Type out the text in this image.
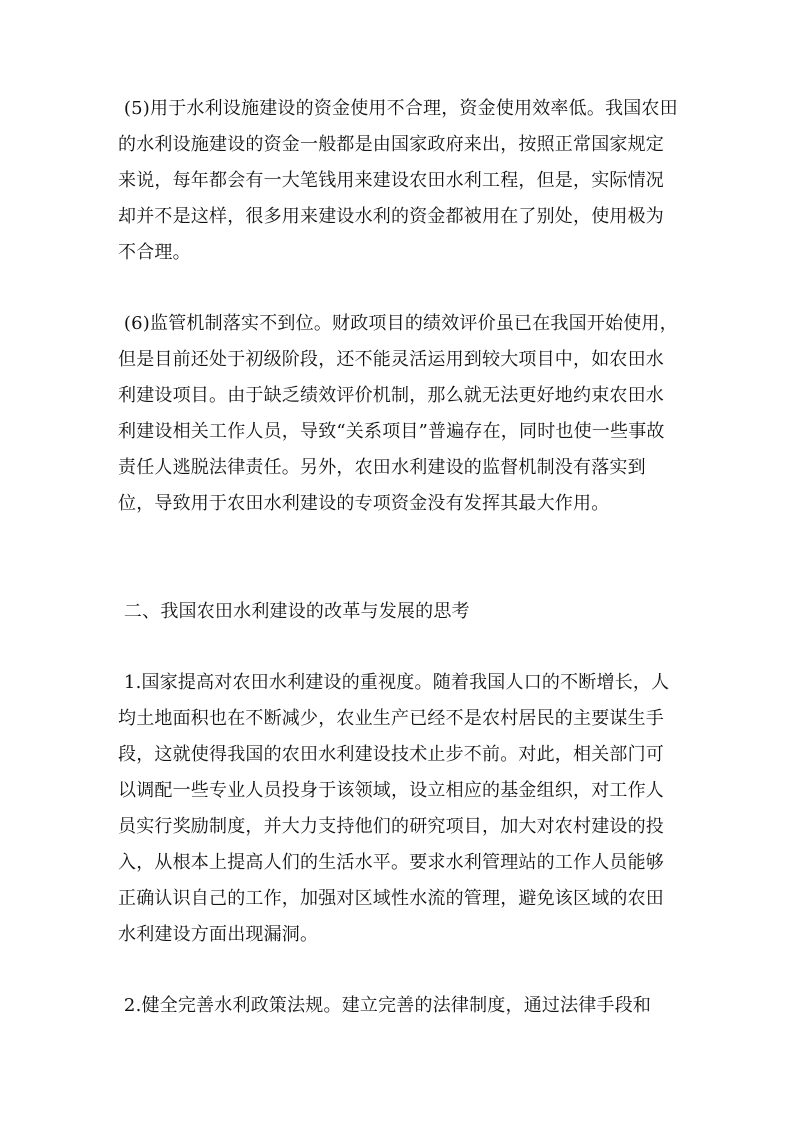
(5)用于水利设施建设的资金使用不合理，资金使用效率低。我国农田的水利设施建设的资金一般都是由国家政府来出，按照正常国家规定来说，每年都会有一大笔钱用来建设农田水利工程，但是，实际情况却并不是这样，很多用来建设水利的资金都被用在了别处，使用极为不合理。

(6)监管机制落实不到位。财政项目的绩效评价虽已在我国开始使用，但是目前还处于初级阶段，还不能灵活运用到较大项目中，如农田水利建设项目。由于缺乏绩效评价机制，那么就无法更好地约束农田水利建设相关工作人员，导致“关系项目”普遍存在，同时也使一些事故责任人逃脱法律责任。另外，农田水利建设的监督机制没有落实到位，导致用于农田水利建设的专项资金没有发挥其最大作用。

二、我国农田水利建设的改革与发展的思考

1.国家提高对农田水利建设的重视度。随着我国人口的不断增长，人均土地面积也在不断减少，农业生产已经不是农村居民的主要谋生手段，这就使得我国的农田水利建设技术止步不前。对此，相关部门可以调配一些专业人员投身于该领域，设立相应的基金组织，对工作人员实行奖励制度，并大力支持他们的研究项目，加大对农村建设的投入，从根本上提高人们的生活水平。要求水利管理站的工作人员能够正确认识自己的工作，加强对区域性水流的管理，避免该区域的农田水利建设方面出现漏洞。

2.健全完善水利政策法规。建立完善的法律制度，通过法律手段和
